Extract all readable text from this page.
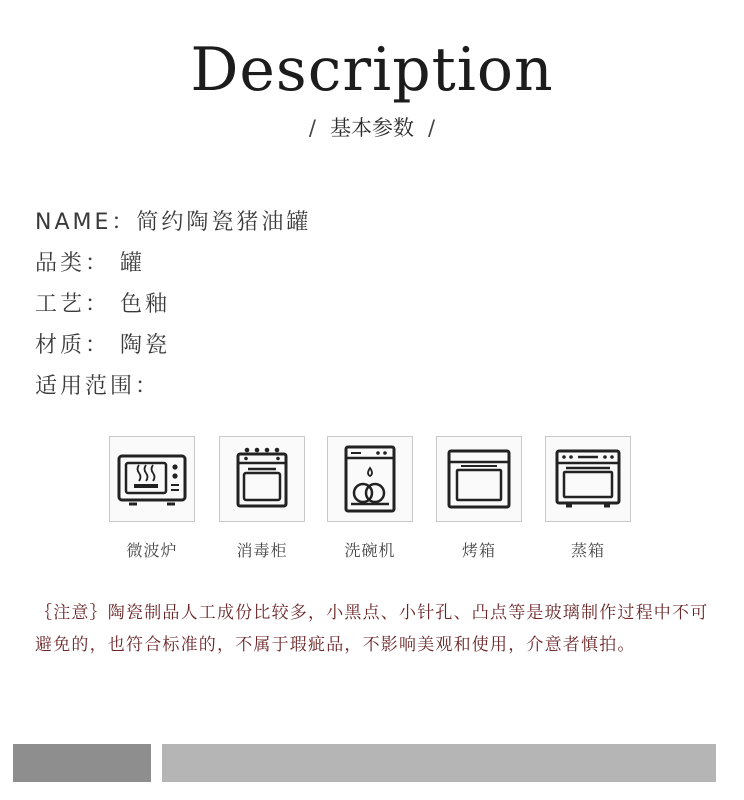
Description
/ 基本参数 /
NAME：简约陶瓷猪油罐
品类： 罐
工艺： 色釉
材质： 陶瓷
适用范围：
微波炉	消毒柜	洗碗机	烤箱	蒸箱
｛注意｝陶瓷制品人工成份比较多，小黑点、小针孔、凸点等是玻璃制作过程中不可避免的，也符合标准的，不属于瑕疵品，不影响美观和使用，介意者慎拍。
